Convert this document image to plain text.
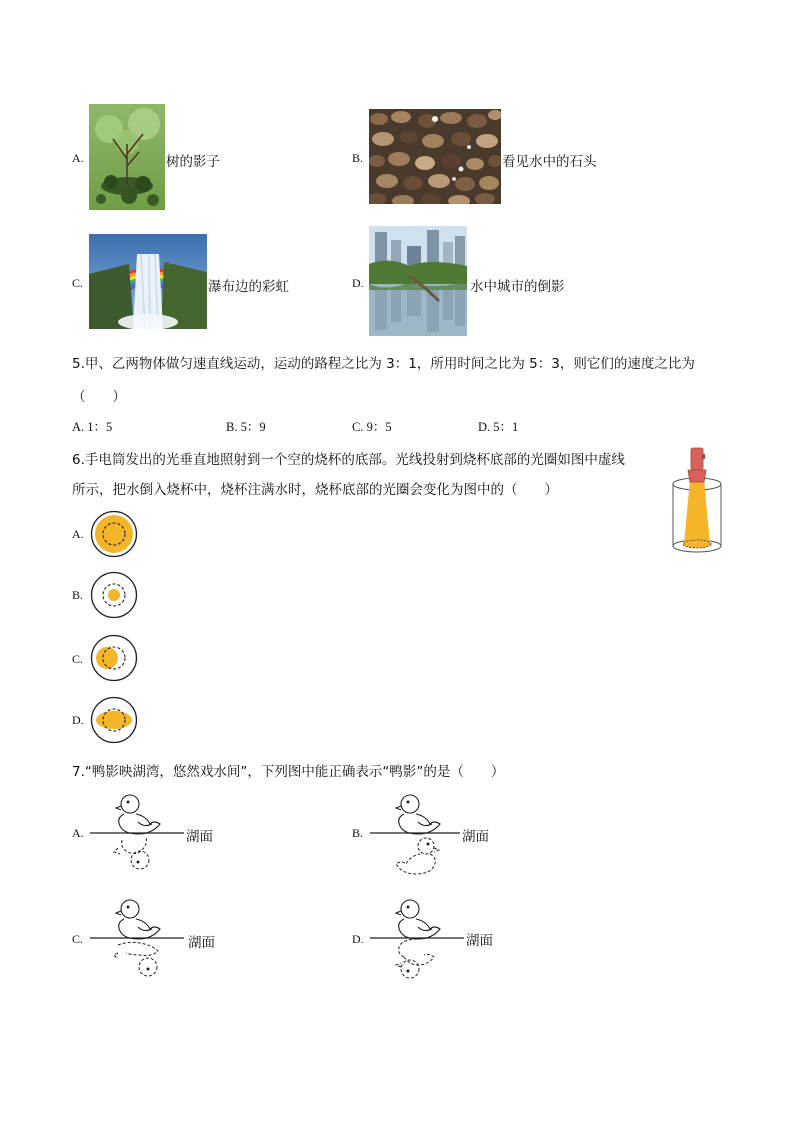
A.	树的影子	B.	看见水中的石头
C.	瀑布边的彩虹	D.	水中城市的倒影
5.甲、乙两物体做匀速直线运动，运动的路程之比为 3：1，所用时间之比为 5：3，则它们的速度之比为
（　　）
A. 1：5	B. 5：9	C. 9：5	D. 5：1
6.手电筒发出的光垂直地照射到一个空的烧杯的底部。光线投射到烧杯底部的光圈如图中虚线
所示，把水倒入烧杯中，烧杯注满水时，烧杯底部的光圈会变化为图中的（　　）
A.
B.
C.
D.
7.“鸭影映湖湾，悠然戏水间”，下列图中能正确表示“鸭影”的是（　　）
A.	湖面	B.	湖面
C.	湖面	D.	湖面
